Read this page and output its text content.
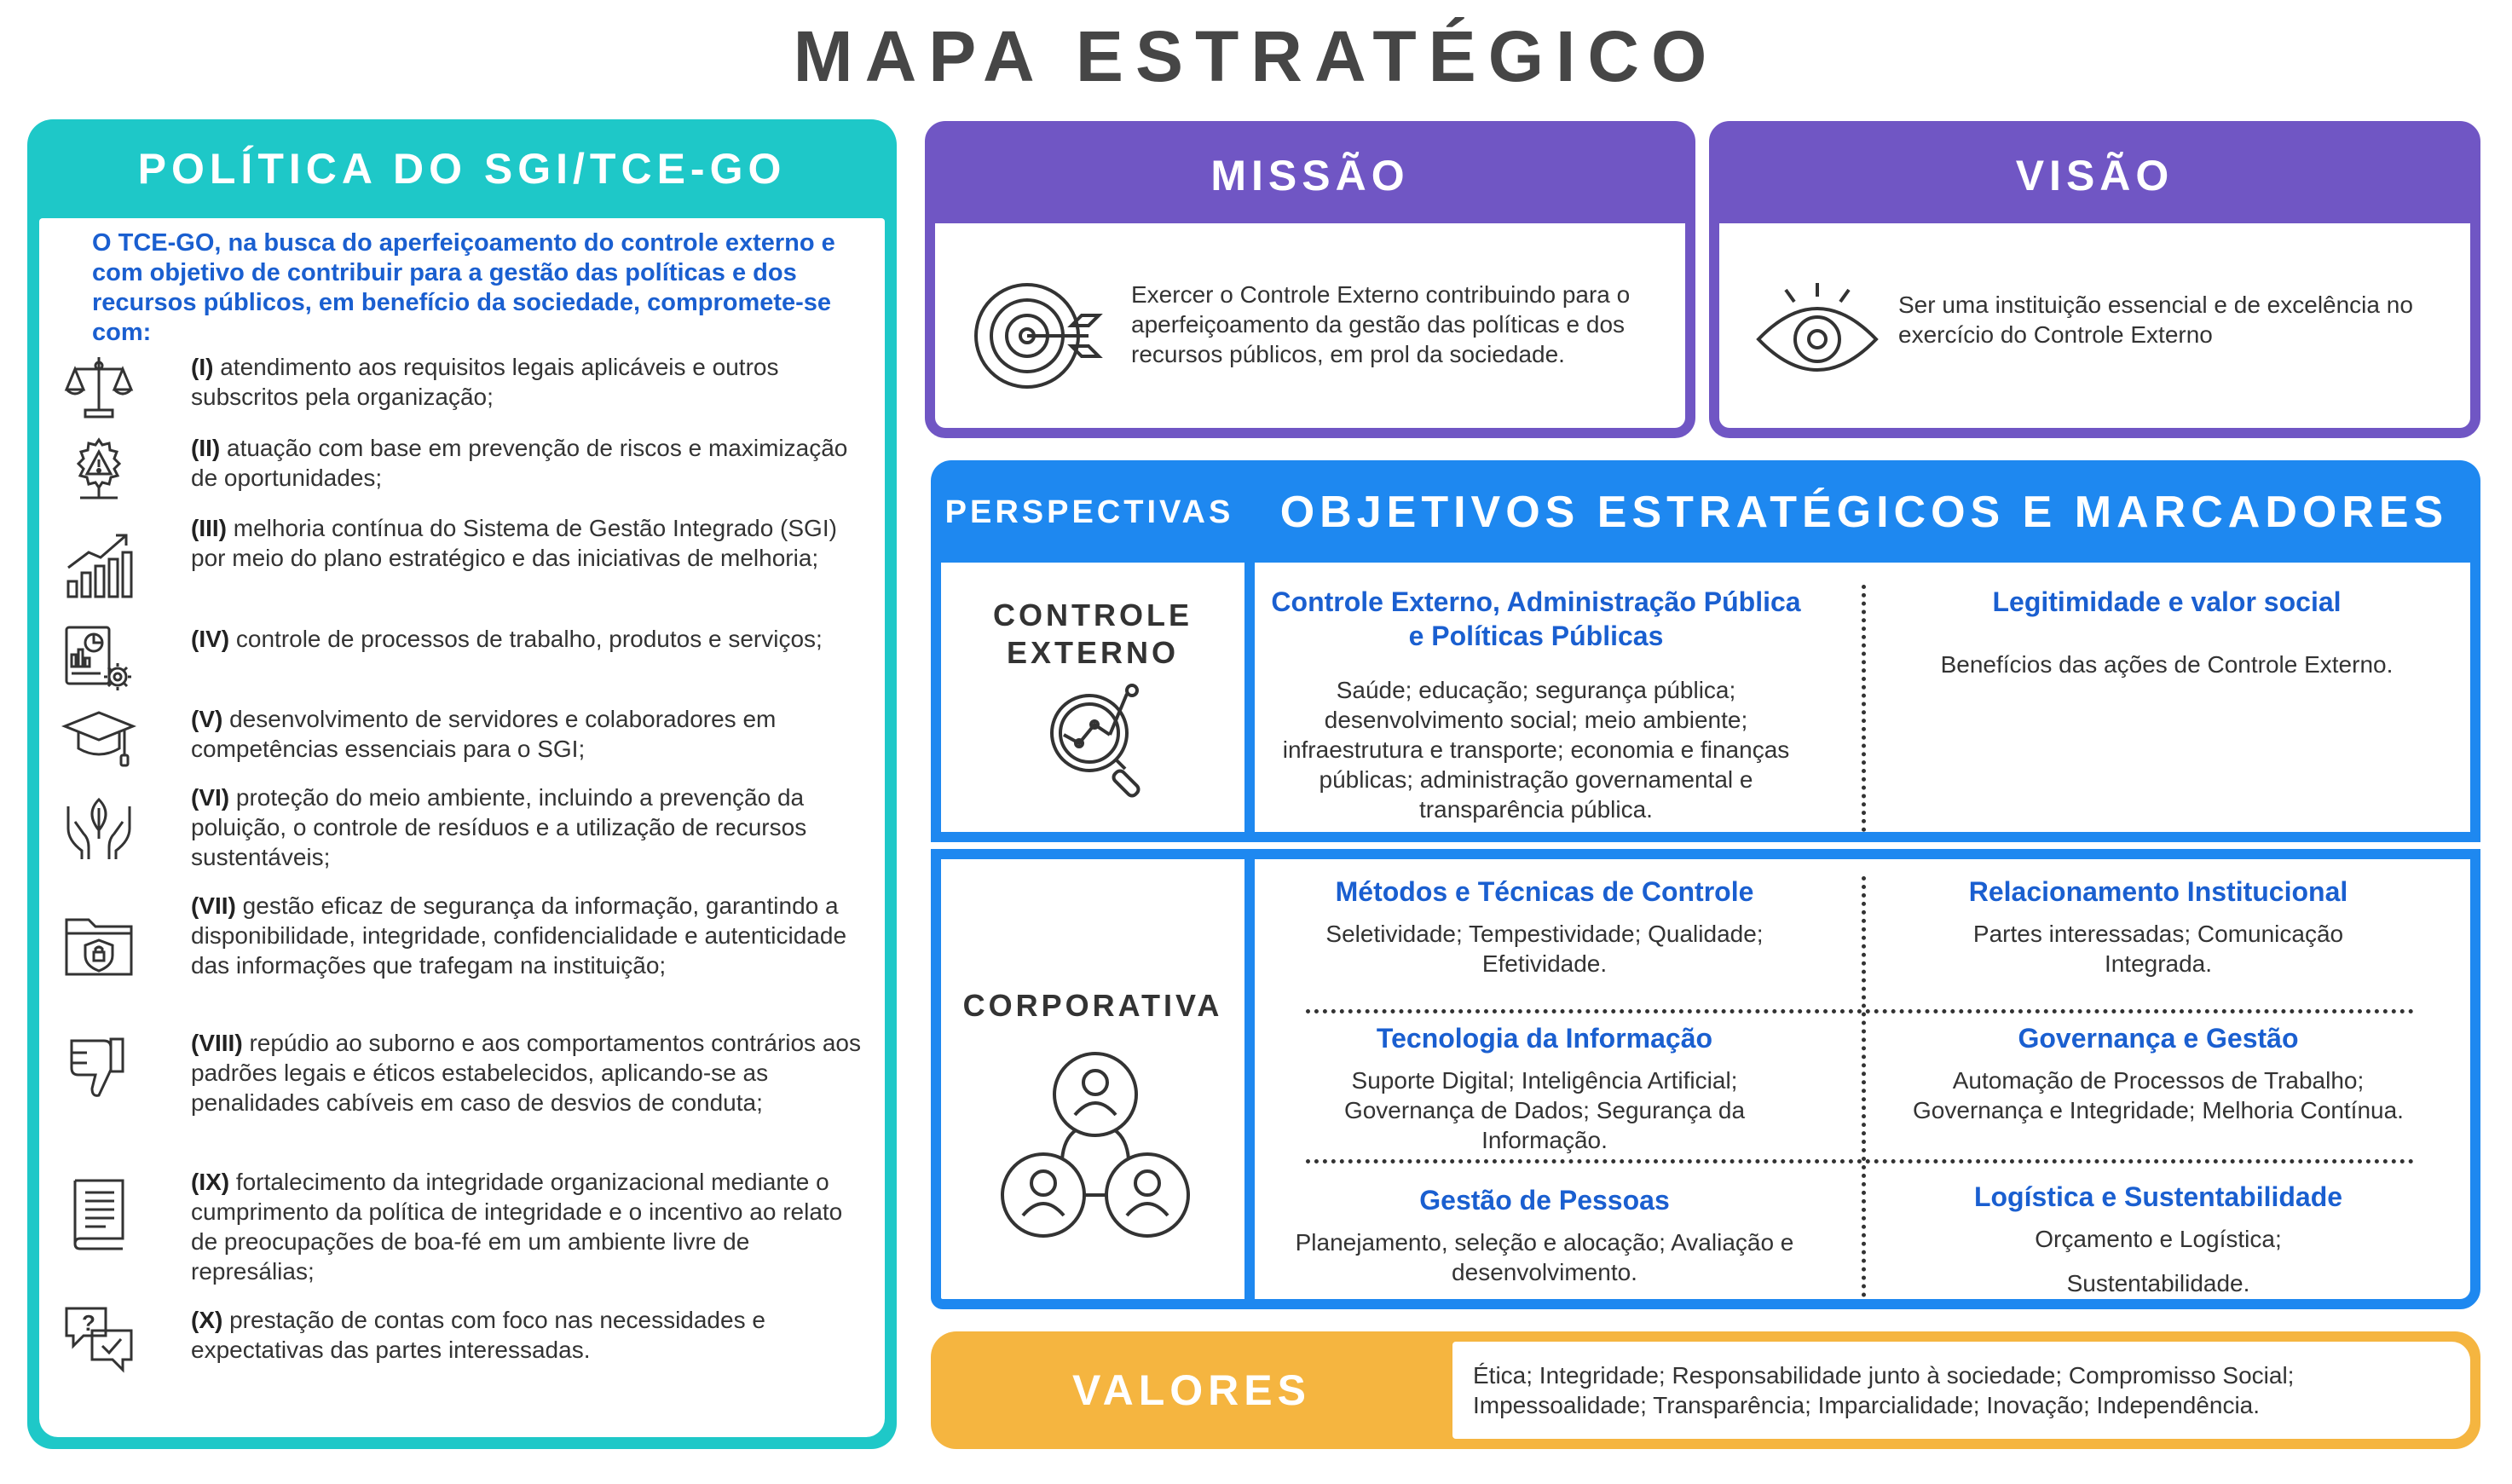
MAPA ESTRATÉGICO
POLÍTICA DO SGI/TCE-GO
O TCE-GO, na busca do aperfeiçoamento do controle externo e com objetivo de contribuir para a gestão das políticas e dos recursos públicos, em benefício da sociedade, compromete-se com:
(I) atendimento aos requisitos legais aplicáveis e outros subscritos pela organização;
(II) atuação com base em prevenção de riscos e maximização de oportunidades;
(III) melhoria contínua do Sistema de Gestão Integrado (SGI) por meio do plano estratégico e das iniciativas de melhoria;
(IV) controle de processos de trabalho, produtos e serviços;
(V) desenvolvimento de servidores e colaboradores em competências essenciais para o SGI;
(VI) proteção do meio ambiente, incluindo a prevenção da poluição, o controle de resíduos e a utilização de recursos sustentáveis;
(VII) gestão eficaz de segurança da informação, garantindo a disponibilidade, integridade, confidencialidade e autenticidade das informações que trafegam na instituição;
(VIII) repúdio ao suborno e aos comportamentos contrários aos padrões legais e éticos estabelecidos, aplicando-se as penalidades cabíveis em caso de desvios de conduta;
(IX) fortalecimento da integridade organizacional mediante o cumprimento da política de integridade e o incentivo ao relato de preocupações de boa-fé em um ambiente livre de represálias;
?	(X) prestação de contas com foco nas necessidades e expectativas das partes interessadas.
MISSÃO
Exercer o Controle Externo contribuindo para o aperfeiçoamento da gestão das políticas e dos recursos públicos, em prol da sociedade.
VISÃO
Ser uma instituição essencial e de excelência no exercício do Controle Externo
PERSPECTIVAS	OBJETIVOS ESTRATÉGICOS E MARCADORES
CONTROLE EXTERNO
Controle Externo, Administração Pública e Políticas Públicas
Saúde; educação; segurança pública; desenvolvimento social; meio ambiente; infraestrutura e transporte; economia e finanças públicas; administração governamental e transparência pública.
Legitimidade e valor social
Benefícios das ações de Controle Externo.
CORPORATIVA
Métodos e Técnicas de Controle
Seletividade; Tempestividade; Qualidade; Efetividade.
Relacionamento Institucional
Partes interessadas; Comunicação Integrada.
Tecnologia da Informação
Suporte Digital; Inteligência Artificial; Governança de Dados; Segurança da Informação.
Governança e Gestão
Automação de Processos de Trabalho; Governança e Integridade; Melhoria Contínua.
Gestão de Pessoas
Planejamento, seleção e alocação; Avaliação e desenvolvimento.
Logística e Sustentabilidade
Orçamento e Logística;
Sustentabilidade.
VALORES	Ética; Integridade; Responsabilidade junto à sociedade; Compromisso Social; Impessoalidade; Transparência; Imparcialidade; Inovação; Independência.
